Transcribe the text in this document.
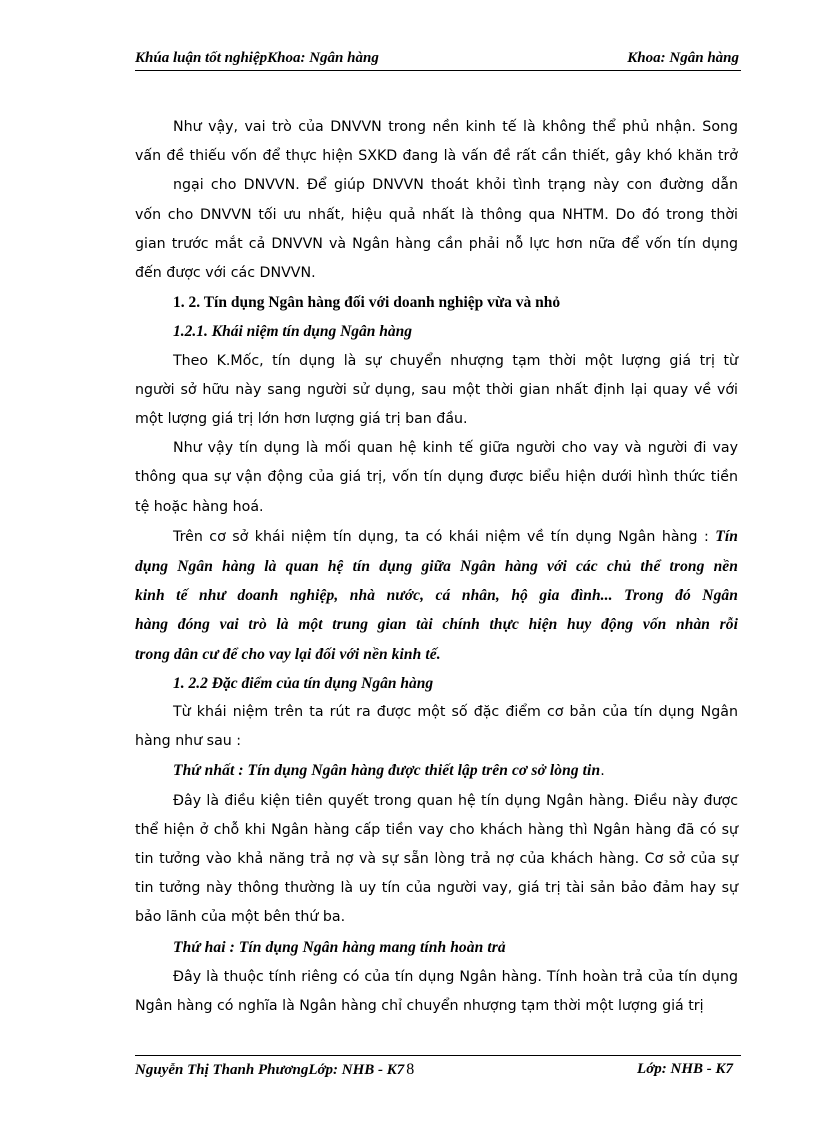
Khúa luận tốt nghiệpKhoa: Ngân hàng	Khoa: Ngân hàng

Như vậy, vai trò của DNVVN trong nền kinh tế là không thể phủ nhận. Song

vấn đề thiếu vốn để thực hiện SXKD đang là vấn đề rất cần thiết, gây khó khăn trở

ngại cho DNVVN. Để giúp DNVVN thoát khỏi tình trạng này con đường dẫn

vốn cho DNVVN tối ưu nhất, hiệu quả nhất là thông qua NHTM. Do đó trong thời

gian trước mắt cả DNVVN và Ngân hàng cần phải nỗ lực hơn nữa để vốn tín dụng

đến được với các DNVVN.

1. 2. Tín dụng Ngân hàng đối với doanh nghiệp vừa và nhỏ

1.2.1. Khái niệm tín dụng Ngân hàng

Theo K.Mốc, tín dụng là sự chuyển nhượng tạm thời một lượng giá trị từ

người sở hữu này sang người sử dụng, sau một thời gian nhất định lại quay về với

một lượng giá trị lớn hơn lượng giá trị ban đầu.

Như vậy tín dụng là mối quan hệ kinh tế giữa người cho vay và người đi vay

thông qua sự vận động của giá trị, vốn tín dụng được biểu hiện dưới hình thức tiền

tệ hoặc hàng hoá.

Trên cơ sở khái niệm tín dụng, ta có khái niệm về tín dụng Ngân hàng : Tín

dụng Ngân hàng là quan hệ tín dụng giữa Ngân hàng với các chủ thể trong nền

kinh tế như doanh nghiệp, nhà nước, cá nhân, hộ gia đình... Trong đó Ngân

hàng đóng vai trò là một trung gian tài chính thực hiện huy động vốn nhàn rỗi

trong dân cư để cho vay lại đối với nền kinh tế.

1. 2.2 Đặc điểm của tín dụng Ngân hàng

Từ khái niệm trên ta rút ra được một số đặc điểm cơ bản của tín dụng Ngân

hàng như sau :

Thứ nhất : Tín dụng Ngân hàng được thiết lập trên cơ sở lòng tin.

Đây là điều kiện tiên quyết trong quan hệ tín dụng Ngân hàng. Điều này được

thể hiện ở chỗ khi Ngân hàng cấp tiền vay cho khách hàng thì Ngân hàng đã có sự

tin tưởng vào khả năng trả nợ và sự sẵn lòng trả nợ của khách hàng. Cơ sở của sự

tin tưởng này thông thường là uy tín của người vay, giá trị tài sản bảo đảm hay sự

bảo lãnh của một bên thứ ba.

Thứ hai : Tín dụng Ngân hàng mang tính hoàn trả

Đây là thuộc tính riêng có của tín dụng Ngân hàng. Tính hoàn trả của tín dụng

Ngân hàng có nghĩa là Ngân hàng chỉ chuyển nhượng tạm thời một lượng giá trị

Nguyễn Thị Thanh PhươngLớp: NHB - K7 8	Lớp: NHB - K7
